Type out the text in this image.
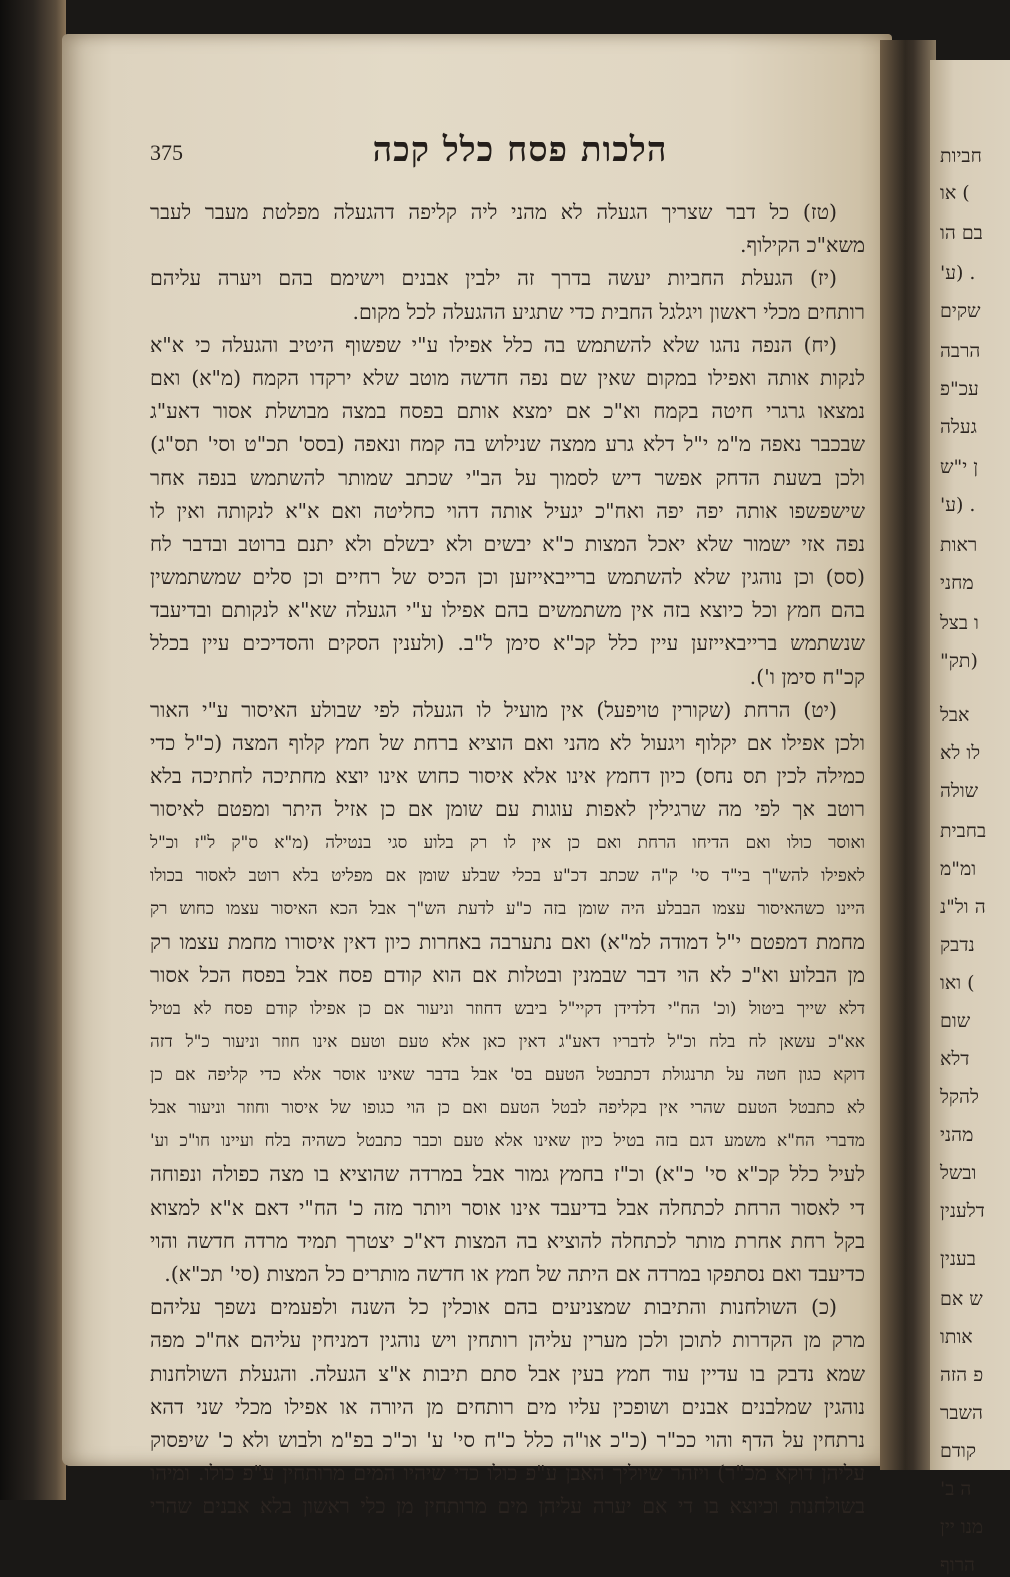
375	הלכות פסח כלל קכה
(טז) כל דבר שצריך הגעלה לא מהני ליה קליפה דהגעלה מפלטת מעבר לעבר
משא"כ הקילוף.
(יז) הגעלת החביות יעשה בדרך זה ילבין אבנים וישימם בהם ויערה עליהם
רותחים מכלי ראשון ויגלגל החבית כדי שתגיע ההגעלה לכל מקום.
(יח) הנפה נהגו שלא להשתמש בה כלל אפילו ע"י שפשוף היטיב והגעלה כי א"א
לנקות אותה ואפילו במקום שאין שם נפה חדשה מוטב שלא ירקדו הקמח (מ"א) ואם
נמצאו גרגרי חיטה בקמח וא"כ אם ימצא אותם בפסח במצה מבושלת אסור דאע"ג
שבכבר נאפה מ"מ י"ל דלא גרע ממצה שנילוש בה קמח ונאפה (בסס' תכ"ט וסי' תס"ג)
ולכן בשעת הדחק אפשר דיש לסמוך על הב"י שכתב שמותר להשתמש בנפה אחר
שישפשפו אותה יפה יפה ואח"כ יגעיל אותה דהוי כחליטה ואם א"א לנקותה ואין לו
נפה אזי ישמור שלא יאכל המצות כ"א יבשים ולא יבשלם ולא יתנם ברוטב ובדבר לח
(סס) וכן נוהגין שלא להשתמש ברייבאייזען וכן הכיס של רחיים וכן סלים שמשתמשין
בהם חמץ וכל כיוצא בזה אין משתמשים בהם אפילו ע"י הגעלה שא"א לנקותם ובדיעבד
שנשתמש ברייבאייזען עיין כלל קכ"א סימן ל"ב. (ולענין הסקים והסדיכים עיין בכלל
קכ"ח סימן ו').
(יט) הרחת (שקורין טויפעל) אין מועיל לו הגעלה לפי שבולע האיסור ע"י האור
ולכן אפילו אם יקלוף ויגעול לא מהני ואם הוציא ברחת של חמץ קלוף המצה (כ"ל כדי
כמילה לכין תס נחס) כיון דחמץ אינו אלא איסור כחוש אינו יוצא מחתיכה לחתיכה בלא
רוטב אך לפי מה שרגילין לאפות עוגות עם שומן אם כן אזיל היתר ומפטם לאיסור
ואוסר כולו ואם הדיחו הרחת ואם כן אין לו רק בלוע סגי בנטילה (מ"א ס"ק ל"ז וכ"ל
לאפילו להש"ך בי"ד סי' ק"ה שכתב דכ"ע בכלי שבלע שומן אם מפליט בלא רוטב לאסור בכולו
היינו כשהאיסור עצמו הבבלע היה שומן בזה כ"ע לדעת הש"ך אבל הכא האיסור עצמו כחוש רק
מחמת דמפטם י"ל דמודה למ"א) ואם נתערבה באחרות כיון דאין איסורו מחמת עצמו רק
מן הבלוע וא"כ לא הוי דבר שבמנין ובטלות אם הוא קודם פסח אבל בפסח הכל אסור
דלא שייך ביטול (וכ' הח"י דלדידן דקיי"ל ביבש דחוזר וניעור אם כן אפילו קודם פסח לא בטיל
אא"כ עשאן לח בלח וכ"ל לדבריו דאע"ג דאין כאן אלא טעם וטעם אינו חוזר וניעור כ"ל דזה
דוקא כגון חטה על תרנגולת דכתבטל הטעם בס' אבל בדבר שאינו אוסר אלא כדי קליפה אם כן
לא כתבטל הטעם שהרי אין בקליפה לבטל הטעם ואם כן הוי כגופו של איסור וחוזר וניעור אבל
מדברי הח"א משמע דגם בזה בטיל כיון שאינו אלא טעם וכבר כתבטל כשהיה בלח ועיינו חו"כ וע'
לעיל כלל קכ"א סי' כ"א) וכ"ז בחמץ גמור אבל במרדה שהוציא בו מצה כפולה ונפוחה
די לאסור הרחת לכתחלה אבל בדיעבד אינו אוסר ויותר מזה כ' הח"י דאם א"א למצוא
בקל רחת אחרת מותר לכתחלה להוציא בה המצות דא"כ יצטרך תמיד מרדה חדשה והוי
כדיעבד ואם נסתפקו במרדה אם היתה של חמץ או חדשה מותרים כל המצות (סי' תכ"א).
(כ) השולחנות והתיבות שמצניעים בהם אוכלין כל השנה ולפעמים נשפך עליהם
מרק מן הקדרות לתוכן ולכן מערין עליהן רותחין ויש נוהגין דמניחין עליהם אח"כ מפה
שמא נדבק בו עדיין עוד חמץ בעין אבל סתם תיבות א"צ הגעלה. והגעלת השולחנות
נוהגין שמלבנים אבנים ושופכין עליו מים רותחים מן היורה או אפילו מכלי שני דהא
נרתחין על הדף והוי ככ"ר (כ"כ או"ה כלל כ"ח סי' ע' וכ"כ בפ"מ ולבוש ולא כ' שיפסוק
עליהן דוקא מכ"ר) ויזהר שיוליך האבן ע"פ כולו כדי שיהיו המים מרותחין ע"פ כולו. ומיהו
בשולחנות וכיוצא בו די אם יערה עליהן מים מרותחין מן כלי ראשון בלא אבנים שהרי
חביות
) או
בם הו
. (ע'
שקים
הרבה
עכ"פ
געלה
ן י"ש
. (ע'
ראות
מחני
ו בצל
(תק"
אבל
לו לא
שולה
בחבית
ומ"מ
ה ול"נ
נדבק
) ואו
שום
דלא
להקל
מהני
ובשל
דלענין
בענין
ש אם
אותו
פ הזה
השבר
קודם
ה ב'
מנו יין
הרוף
